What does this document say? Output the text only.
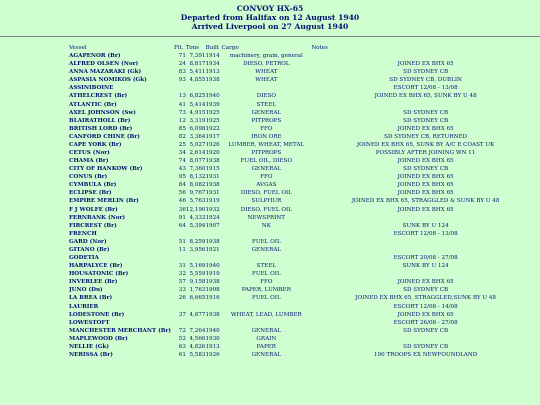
CONVOY HX-65
Departed from Halifax on 12 August 1940
Arrived Liverpool on 27 August 1940
Vessel	Flt.	Tons	Built	Cargo	Notes
AGAPENOR (Br)	71	7,391	1914	machinery, grain, general	
ALFRED OLSEN (Nor)	24	8,817	1934	DIESO, PETROL	JOINED EX BHX 65
ANNA MAZARAKI (Gk)	83	5,411	1913	WHEAT	SD SYDNEY CB
ASPASIA NOMIKOS (Gk)	93	4,855	1938	WHEAT	SD SYDNEY CB, DUBLIN
ASSINIBOINE					ESCORT 12/08 - 13/08
ATHELCREST (Br)	13	6,825	1940	DIESO	JOINED EX BHX 65, SUNK BY U 48
ATLANTIC (Br)	41	5,414	1939	STEEL	
AXEL JOHNSON (Sw)	73	4,915	1925	GENERAL	SD SYDNEY CB
BLAIRATHOLL (Br)	12	3,319	1925	PITPROPS	SD SYDNEY CB
BRITISH LORD (Br)	85	6,098	1922	FFO	JOINED EX BHX 65
CANFORD CHINE (Br)	82	3,364	1917	IRON ORE	SD SYDNEY CB, RETURNED
CAPE YORK (Br)	25	5,027	1926	LUMBER, WHEAT, METAL	JOINED EX BHX 65, SUNK BY A/C E COAST UK
CETUS (Nor)	34	2,614	1920	PITPROPS	POSSIBLY AFTER JOINING WN 11
CHAMA (Br)	74	8,077	1938	FUEL OIL, DIESO	JOINED EX BHX 65
CITY OF HANKOW (Br)	43	7,360	1915	GENERAL	SD SYDNEY CB
CONUS (Br)	95	8,132	1931	FFO	JOINED EX BHX 65
CYMBULA (Br)	84	8,082	1938	AVGAS	JOINED EX BHX 65
ECLIPSE (Br)	56	9,767	1931	DIESO, FUEL OIL	JOINED EX BHX 65
EMPIRE MERLIN (Br)	46	5,763	1919	SULPHUR	JOINED EX BHX 65, STRAGGLED & SUNK BY U 48
F J WOLFE (Br)	36	12,190	1932	DIESO, FUEL OIL	JOINED EX BHX 65
FERNBANK (Nor)	91	4,333	1924	NEWSPRINT	
FIRCREST (Br)	64	5,394	1907	NK	SUNK BY U 124
FRENCH					ESCORT 12/08 - 13/08
GARD (Nor)	51	8,259	1938	FUEL OIL	
GITANO (Br)	11	3,956	1921	GENERAL	
GODETIA					ESCORT 20/08 - 27/08
HARPALYCE (Br)	31	5,169	1940	STEEL	SUNK BY U 124
HOUSATONIC (Br)	32	5,559	1919	FUEL OIL	
INVERLEE (Br)	57	9,158	1938	FFO	JOINED EX BHX 65
JUNO (Du)	33	1,763	1908	PAPER, LUMBER	SD SYDNEY CB
LA BREA (Br)	26	6,665	1916	FUEL OIL	JOINED EX BHX 65, STRAGGLED,SUNK BY U 48
LAURIER					ESCORT 12/08 - 14/08
LODESTONE (Br)	37	4,877	1938	WHEAT, LEAD, LUMBER	JOINED EX BHX 65
LOWESTOFT					ESCORT 26/08 - 27/08
MANCHESTER MERCHANT (Br)	72	7,264	1940	GENERAL	SD SYDNEY CB
MAPLEWOOD (Br)	52	4,566	1930	GRAIN	
NELLIE (Gk)	63	4,826	1913	PAPER	SD SYDNEY CB
NERISSA (Br)	61	5,583	1926	GENERAL	190 TROOPS EX NEWFOUNDLAND
